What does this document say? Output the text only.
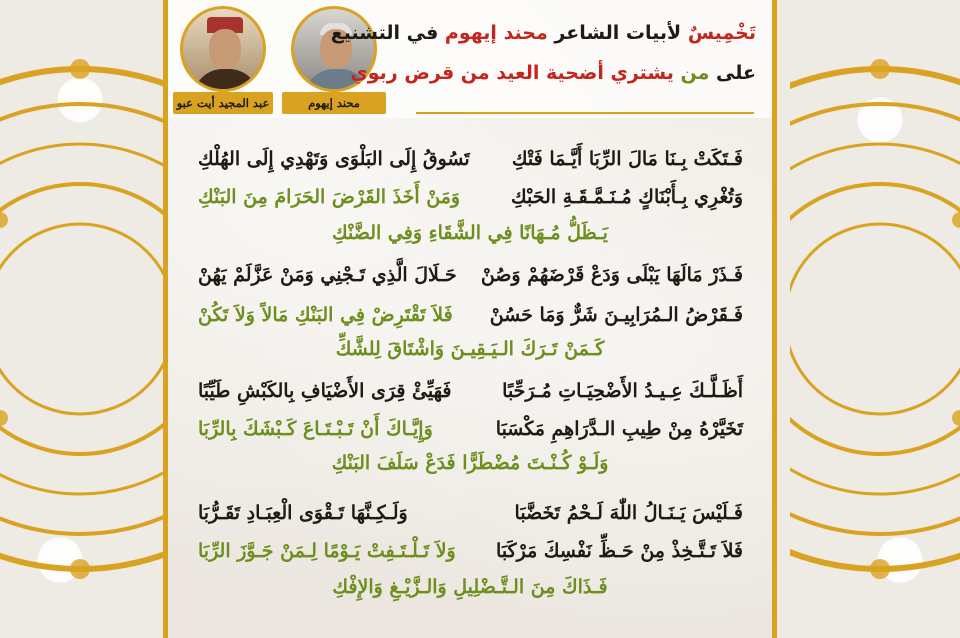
عبد المجيد أيت عبو	محند إيهوم
تَخْمِيسٌ لأبيات الشاعر محند إيهوم في التشنيع
على من يشتري أضحية العيد من قرض ربوي
فَـتَكَتْ بِـنَا مَالَ الرِّبَا أَيَّـمَا فَتْكِ
تَسُوقُ إِلَى البَلْوَى وَتَهْدِي إِلَى الهُلْكِ
وَتُغْرِي بِـأَبْنَاكٍ مُـنَـمَّـقَـةِ الحَبْكِ
وَمَنْ أَخَذَ القَرْضَ الحَرَامَ مِنَ البَنْكِ
يَـظَلُّ مُـهَانًا فِي الشَّقَاءِ وَفِي الضَّنْكِ
فَـذَرْ مَالَهَا يَبْلَى وَدَعْ قَرْضَهُمْ وَصُنْ
حَـلَالَ الَّذِي تَـجْنِي وَمَنْ عَزَّلَمْ يَهُنْ
فَـقَرْضُ الـمُرَابِيـنَ شَرٌّ وَمَا حَسُنْ
فَلاَ تَقْتَرِضْ فِي البَنْكِ مَالاً وَلاَ تَكُنْ
كَـمَنْ تَـرَكَ الـيَـقِيـنَ وَاشْتَاقَ لِلشَّكِّ
أَظَـلَّـكَ عِـيـدُ الأَضْحِيَـاتِ مُـرَحِّبًا
فَهَيِّئْ قِرَى الأَضْيَافِ بِالكَبْشِ طَيِّبًا
تَخَيَّرْهُ مِنْ طِيبِ الـدَّرَاهِمِ مَكْسَبَا
وَإِيَّـاكَ أَنْ تَـبْـتَـاعَ كَـبْشَكَ بِالرِّبَا
وَلَـوْ كُـنْـتَ مُضْطَرًّا فَدَعْ سَلَفَ البَنْكِ
فَـلَيْسَ يَـنَـالُ اللّٰهَ لَـحْمُ تَخَضَّبَا
وَلَـكِـنَّهَا تَـقْوَى الْعِبَـادِ تَقَـرُّبَا
فَلاَ تَـتَّـخِذْ مِنْ حَـظِّ نَفْسِكَ مَرْكَبَا
وَلاَ تَـلْـتَـفِتْ يَـوْمًا لِـمَنْ جَـوَّزَ الرِّبَا
فَـذَاكَ مِنَ الـتَّـضْلِيلِ وَالـزَّيْـغِ وَالإِفْكِ
